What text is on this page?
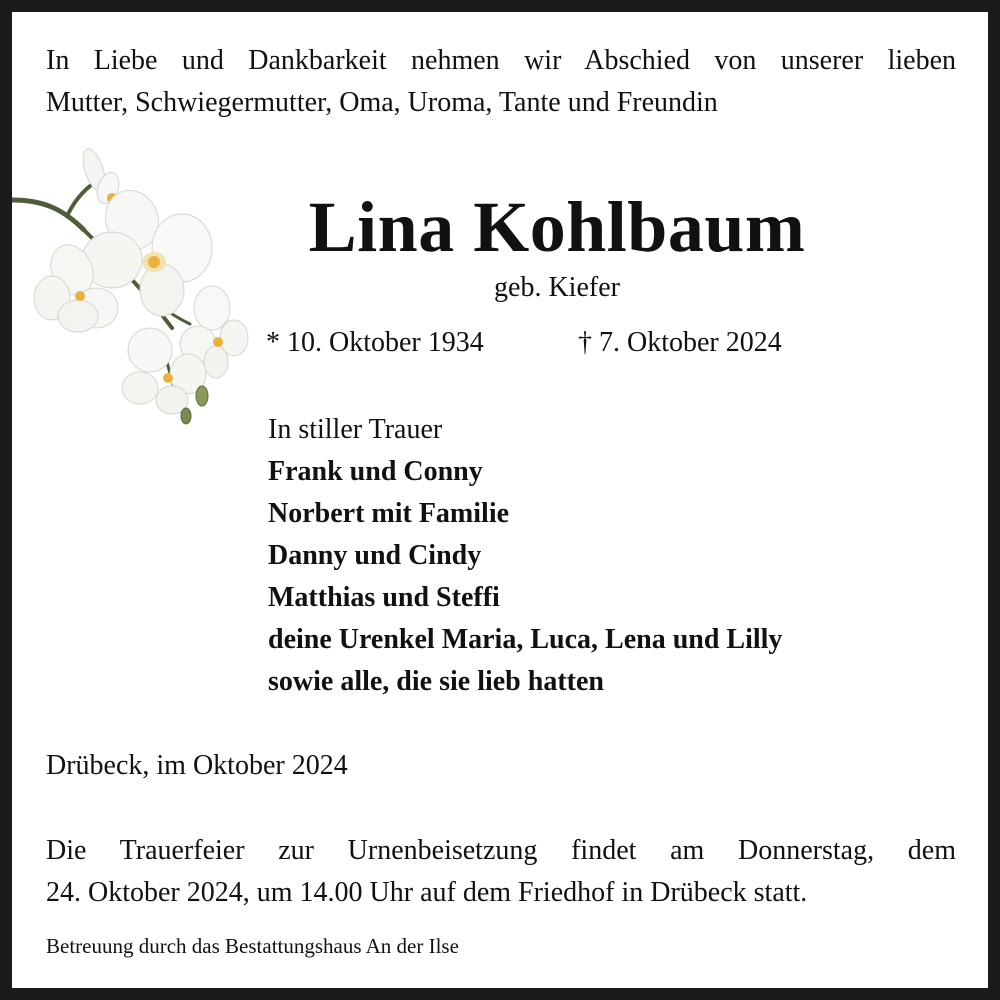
In Liebe und Dankbarkeit nehmen wir Abschied von unserer lieben
Mutter, Schwiegermutter, Oma, Uroma, Tante und Freundin

Lina Kohlbaum

geb. Kiefer

* 10. Oktober 1934	† 7. Oktober 2024
In stiller Trauer
Frank und Conny
Norbert mit Familie
Danny und Cindy
Matthias und Steffi
deine Urenkel Maria, Luca, Lena und Lilly
sowie alle, die sie lieb hatten
Drübeck, im Oktober 2024
Die Trauerfeier zur Urnenbeisetzung findet am Donnerstag, dem
24. Oktober 2024, um 14.00 Uhr auf dem Friedhof in Drübeck statt.
Betreuung durch das Bestattungshaus An der Ilse
